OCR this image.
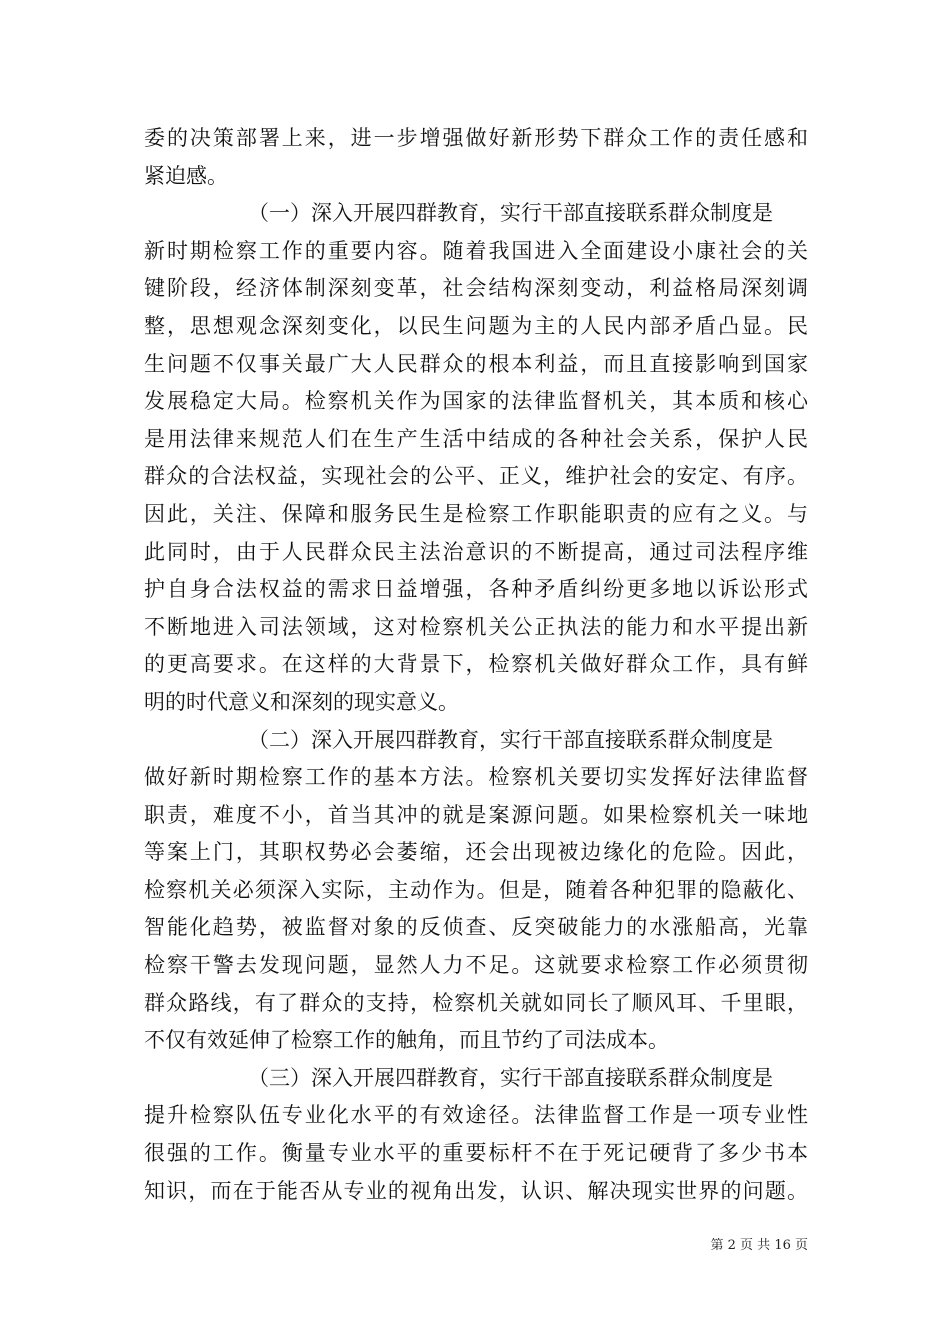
委的决策部署上来，进一步增强做好新形势下群众工作的责任感和
紧迫感。
（一）深入开展四群教育，实行干部直接联系群众制度是
新时期检察工作的重要内容。随着我国进入全面建设小康社会的关
键阶段，经济体制深刻变革，社会结构深刻变动，利益格局深刻调
整，思想观念深刻变化，以民生问题为主的人民内部矛盾凸显。民
生问题不仅事关最广大人民群众的根本利益，而且直接影响到国家
发展稳定大局。检察机关作为国家的法律监督机关，其本质和核心
是用法律来规范人们在生产生活中结成的各种社会关系，保护人民
群众的合法权益，实现社会的公平、正义，维护社会的安定、有序。
因此，关注、保障和服务民生是检察工作职能职责的应有之义。与
此同时，由于人民群众民主法治意识的不断提高，通过司法程序维
护自身合法权益的需求日益增强，各种矛盾纠纷更多地以诉讼形式
不断地进入司法领域，这对检察机关公正执法的能力和水平提出新
的更高要求。在这样的大背景下，检察机关做好群众工作，具有鲜
明的时代意义和深刻的现实意义。
（二）深入开展四群教育，实行干部直接联系群众制度是
做好新时期检察工作的基本方法。检察机关要切实发挥好法律监督
职责，难度不小，首当其冲的就是案源问题。如果检察机关一味地
等案上门，其职权势必会萎缩，还会出现被边缘化的危险。因此，
检察机关必须深入实际，主动作为。但是，随着各种犯罪的隐蔽化、
智能化趋势，被监督对象的反侦查、反突破能力的水涨船高，光靠
检察干警去发现问题，显然人力不足。这就要求检察工作必须贯彻
群众路线，有了群众的支持，检察机关就如同长了顺风耳、千里眼，
不仅有效延伸了检察工作的触角，而且节约了司法成本。
（三）深入开展四群教育，实行干部直接联系群众制度是
提升检察队伍专业化水平的有效途径。法律监督工作是一项专业性
很强的工作。衡量专业水平的重要标杆不在于死记硬背了多少书本
知识，而在于能否从专业的视角出发，认识、解决现实世界的问题。
第 2 页 共 16 页
